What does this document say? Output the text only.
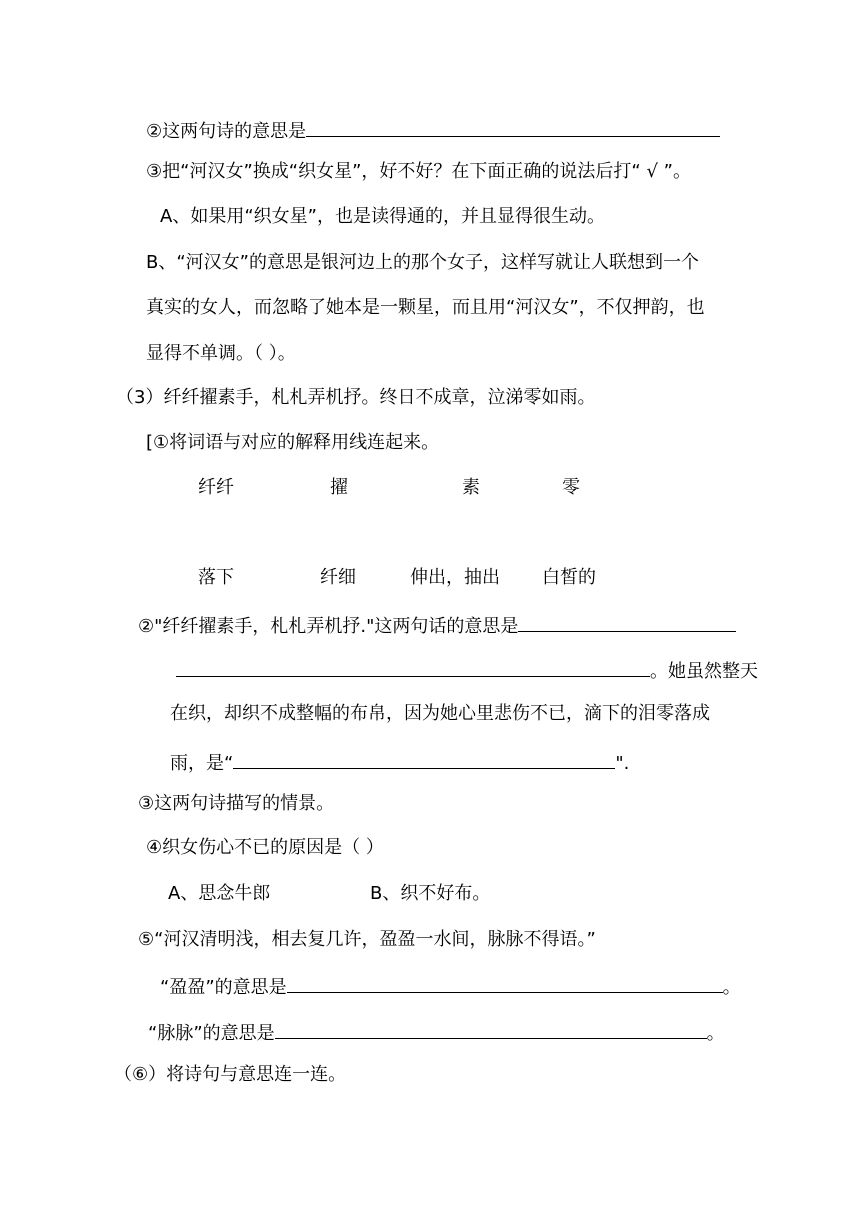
②这两句诗的意思是
③把“河汉女”换成“织女星”，好不好？在下面正确的说法后打“ √ ”。
A、如果用“织女星”，也是读得通的，并且显得很生动。
B、“河汉女”的意思是银河边上的那个女子，这样写就让人联想到一个
真实的女人，而忽略了她本是一颗星，而且用“河汉女”，不仅押韵，也
显得不单调。（ ）。
（3）纤纤擢素手，札札弄机抒。终日不成章，泣涕零如雨。
[①将词语与对应的解释用线连起来。
纤纤	擢	素	零
落下	纤细	伸出，抽出 白皙的
②"纤纤擢素手，札札弄机抒."这两句话的意思是
。她虽然整天
在织，却织不成整幅的布帛，因为她心里悲伤不已，滴下的泪零落成
雨，是“	".
③这两句诗描写的情景。
④织女伤心不已的原因是（ ）
A、思念牛郎	B、织不好布。
⑤“河汉清明浅，相去复几许，盈盈一水间，脉脉不得语。”
“盈盈”的意思是	。
“脉脉”的意思是	。
（⑥）将诗句与意思连一连。
